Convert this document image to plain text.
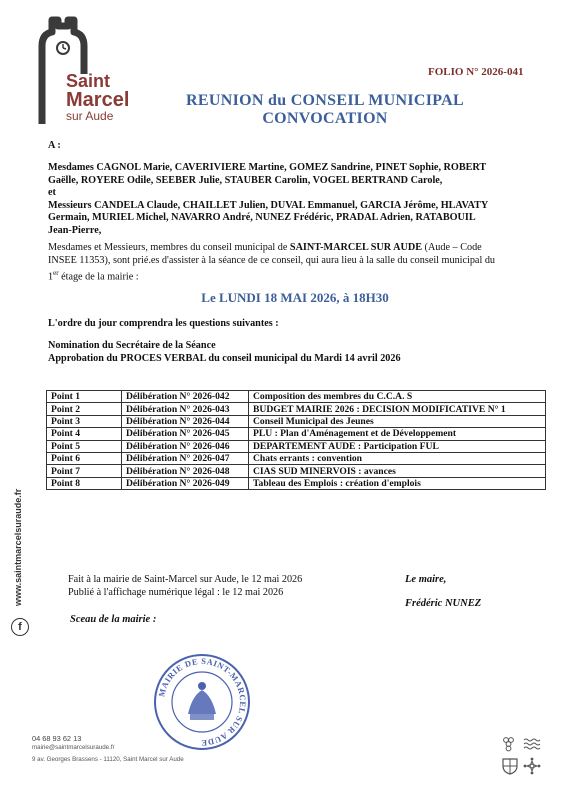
Saint
Marcel
sur Aude
FOLIO N° 2026-041
REUNION du CONSEIL MUNICIPAL
CONVOCATION
A :
Mesdames CAGNOL Marie, CAVERIVIERE Martine, GOMEZ Sandrine, PINET Sophie, ROBERT
Gaëlle, ROYERE Odile, SEEBER Julie, STAUBER Carolin, VOGEL BERTRAND Carole,
et
Messieurs CANDELA Claude, CHAILLET Julien, DUVAL Emmanuel, GARCIA Jérôme, HLAVATY
Germain, MURIEL Michel, NAVARRO André, NUNEZ Frédéric, PRADAL Adrien, RATABOUIL
Jean-Pierre,
Mesdames et Messieurs, membres du conseil municipal de SAINT-MARCEL SUR AUDE (Aude – Code
INSEE 11353), sont prié.es d'assister à la séance de ce conseil, qui aura lieu à la salle du conseil municipal du
1er étage de la mairie :
Le LUNDI 18 MAI 2026, à 18H30
L'ordre du jour comprendra les questions suivantes :
Nomination du Secrétaire de la Séance
Approbation du PROCES VERBAL du conseil municipal du Mardi 14 avril 2026
Point 1	Délibération N° 2026-042	Composition des membres du C.C.A. S
Point 2	Délibération N° 2026-043	BUDGET MAIRIE 2026 : DECISION MODIFICATIVE N° 1
Point 3	Délibération N° 2026-044	Conseil Municipal des Jeunes
Point 4	Délibération N° 2026-045	PLU : Plan d'Aménagement et de Développement
Point 5	Délibération N° 2026-046	DEPARTEMENT AUDE : Participation FUL
Point 6	Délibération N° 2026-047	Chats errants : convention
Point 7	Délibération N° 2026-048	CIAS SUD MINERVOIS : avances
Point 8	Délibération N° 2026-049	Tableau des Emplois : création d'emplois
www.saintmarcelsuraude.fr
f
Fait à la mairie de Saint-Marcel sur Aude, le 12 mai 2026
Publié à l'affichage numérique légal : le 12 mai 2026
Sceau de la mairie :
Le maire,
Frédéric NUNEZ
MAIRIE DE SAINT-MARCEL SUR AUDE
04 68 93 62 13
mairie@saintmarcelsuraude.fr
9 av. Georges Brassens - 11120, Saint Marcel sur Aude
